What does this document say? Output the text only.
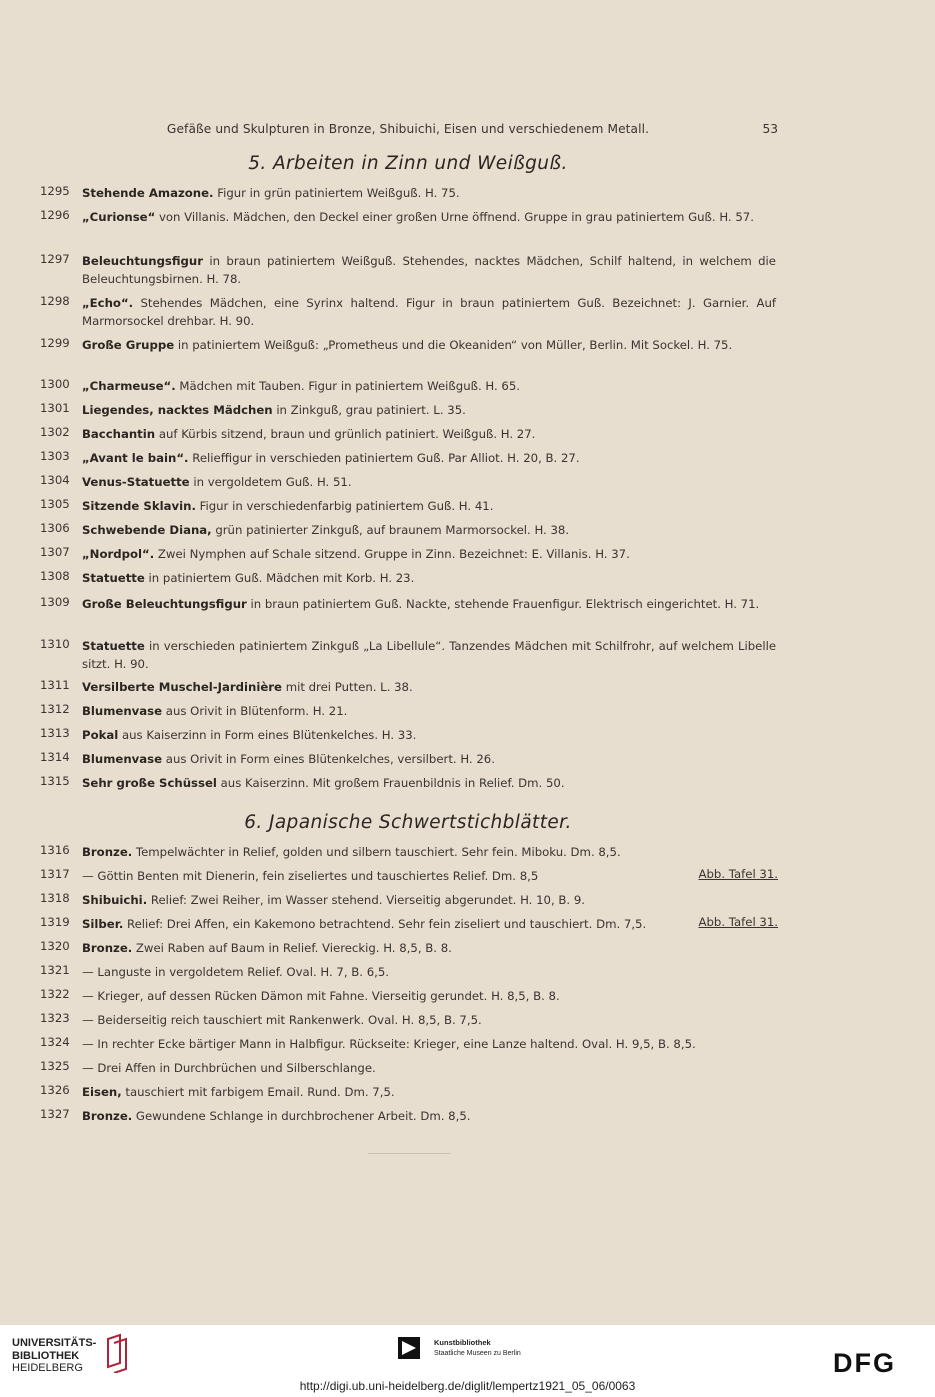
Gefäße und Skulpturen in Bronze, Shibuichi, Eisen und verschiedenem Metall.	53
5. Arbeiten in Zinn und Weißguß.
1295 Stehende Amazone. Figur in grün patiniertem Weißguß. H. 75.
1296 „Curionse“ von Villanis. Mädchen, den Deckel einer großen Urne öffnend. Gruppe in grau patiniertem Guß. H. 57.
1297 Beleuchtungsfigur in braun patiniertem Weißguß. Stehendes, nacktes Mädchen, Schilf haltend, in welchem die Beleuchtungsbirnen. H. 78.
1298 „Echo“. Stehendes Mädchen, eine Syrinx haltend. Figur in braun patiniertem Guß. Bezeichnet: J. Garnier. Auf Marmorsockel drehbar. H. 90.
1299 Große Gruppe in patiniertem Weißguß: „Prometheus und die Okeaniden“ von Müller, Berlin. Mit Sockel. H. 75.
1300 „Charmeuse“. Mädchen mit Tauben. Figur in patiniertem Weißguß. H. 65.
1301 Liegendes, nacktes Mädchen in Zinkguß, grau patiniert. L. 35.
1302 Bacchantin auf Kürbis sitzend, braun und grünlich patiniert. Weißguß. H. 27.
1303 „Avant le bain“. Reliefﬁgur in verschieden patiniertem Guß. Par Alliot. H. 20, B. 27.
1304 Venus-Statuette in vergoldetem Guß. H. 51.
1305 Sitzende Sklavin. Figur in verschiedenfarbig patiniertem Guß. H. 41.
1306 Schwebende Diana, grün patinierter Zinkguß, auf braunem Marmorsockel. H. 38.
1307 „Nordpol“. Zwei Nymphen auf Schale sitzend. Gruppe in Zinn. Bezeichnet: E. Villanis. H. 37.
1308 Statuette in patiniertem Guß. Mädchen mit Korb. H. 23.
1309 Große Beleuchtungsfigur in braun patiniertem Guß. Nackte, stehende Frauenfigur. Elektrisch eingerichtet. H. 71.
1310 Statuette in verschieden patiniertem Zinkguß „La Libellule“. Tanzendes Mädchen mit Schilfrohr, auf welchem Libelle sitzt. H. 90.
1311 Versilberte Muschel-Jardinière mit drei Putten. L. 38.
1312 Blumenvase aus Orivit in Blütenform. H. 21.
1313 Pokal aus Kaiserzinn in Form eines Blütenkelches. H. 33.
1314 Blumenvase aus Orivit in Form eines Blütenkelches, versilbert. H. 26.
1315 Sehr große Schüssel aus Kaiserzinn. Mit großem Frauenbildnis in Relief. Dm. 50.
6. Japanische Schwertstichblätter.
1316 Bronze. Tempelwächter in Relief, golden und silbern tauschiert. Sehr fein. Miboku. Dm. 8,5.
1317 — Göttin Benten mit Dienerin, fein ziseliertes und tauschiertes Relief. Dm. 8,5	Abb. Tafel 31.
1318 Shibuichi. Relief: Zwei Reiher, im Wasser stehend. Vierseitig abgerundet. H. 10, B. 9.
1319 Silber. Relief: Drei Affen, ein Kakemono betrachtend. Sehr fein ziseliert und tauschiert. Dm. 7,5.	Abb. Tafel 31.
1320 Bronze. Zwei Raben auf Baum in Relief. Viereckig. H. 8,5, B. 8.
1321 — Languste in vergoldetem Relief. Oval. H. 7, B. 6,5.
1322 — Krieger, auf dessen Rücken Dämon mit Fahne. Vierseitig gerundet. H. 8,5, B. 8.
1323 — Beiderseitig reich tauschiert mit Rankenwerk. Oval. H. 8,5, B. 7,5.
1324 — In rechter Ecke bärtiger Mann in Halbfigur. Rückseite: Krieger, eine Lanze haltend. Oval. H. 9,5, B. 8,5.
1325 — Drei Affen in Durchbrüchen und Silberschlange.
1326 Eisen, tauschiert mit farbigem Email. Rund. Dm. 7,5.
1327 Bronze. Gewundene Schlange in durchbrochener Arbeit. Dm. 8,5.
UNIVERSITÄTS-
BIBLIOTHEK
HEIDELBERG
Kunstbibliothek
Staatliche Museen zu Berlin	DFG
http://digi.ub.uni-heidelberg.de/diglit/lempertz1921_05_06/0063
